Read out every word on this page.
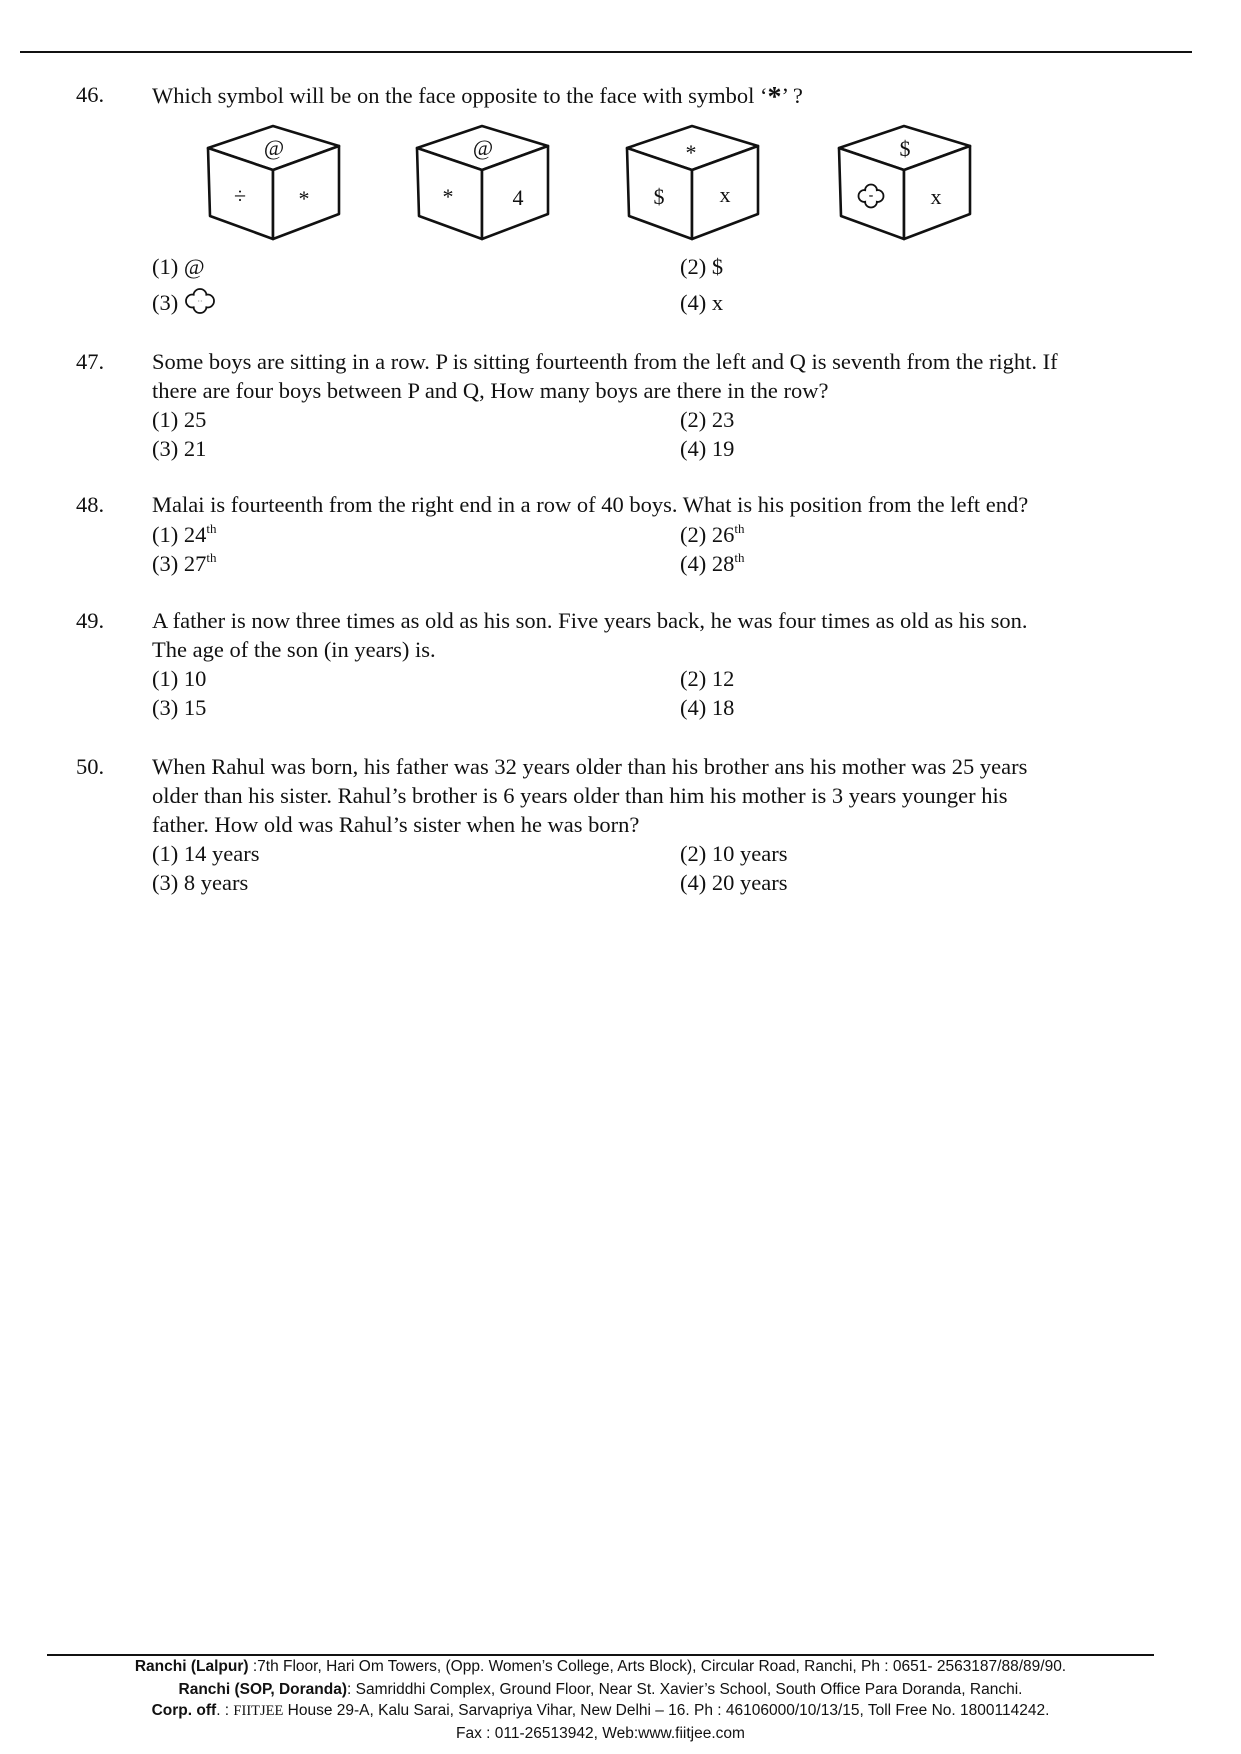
46. Which symbol will be on the face opposite to the face with symbol ‘*’ ?
@
÷ *
@
*	4
*
$	x
$
x
(1) @	(2) $
(3)	(4) x
47. Some boys are sitting in a row. P is sitting fourteenth from the left and Q is seventh from the right. If
there are four boys between P and Q, How many boys are there in the row?
(1) 25	(2) 23
(3) 21	(4) 19
48. Malai is fourteenth from the right end in a row of 40 boys. What is his position from the left end?
(1) 24th	(2) 26th
(3) 27th	(4) 28th
49. A father is now three times as old as his son. Five years back, he was four times as old as his son.
The age of the son (in years) is.
(1) 10	(2) 12
(3) 15	(4) 18
50. When Rahul was born, his father was 32 years older than his brother ans his mother was 25 years
older than his sister. Rahul’s brother is 6 years older than him his mother is 3 years younger his
father. How old was Rahul’s sister when he was born?
(1) 14 years	(2) 10 years
(3) 8 years	(4) 20 years
Ranchi (Lalpur) :7th Floor, Hari Om Towers, (Opp. Women’s College, Arts Block), Circular Road, Ranchi, Ph : 0651- 2563187/88/89/90.
Ranchi (SOP, Doranda): Samriddhi Complex, Ground Floor, Near St. Xavier’s School, South Office Para Doranda, Ranchi.
Corp. off. : FIITJEE House 29-A, Kalu Sarai, Sarvapriya Vihar, New Delhi – 16. Ph : 46106000/10/13/15, Toll Free No. 1800114242.
Fax : 011-26513942, Web:www.fiitjee.com
